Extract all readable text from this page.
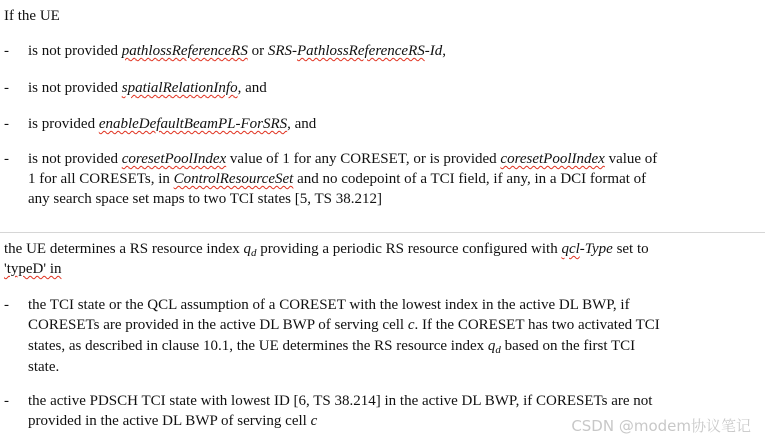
If the UE
- is not provided pathlossReferenceRS or SRS-PathlossReferenceRS-Id,
- is not provided spatialRelationInfo, and
- is provided enableDefaultBeamPL-ForSRS, and
- is not provided coresetPoolIndex value of 1 for any CORESET, or is provided coresetPoolIndex value of
1 for all CORESETs, in ControlResourceSet and no codepoint of a TCI field, if any, in a DCI format of
any search space set maps to two TCI states [5, TS 38.212]
the UE determines a RS resource index $q_d$ providing a periodic RS resource configured with qcl-Type set to
'typeD' in
- the TCI state or the QCL assumption of a CORESET with the lowest index in the active DL BWP, if
CORESETs are provided in the active DL BWP of serving cell c. If the CORESET has two activated TCI
states, as described in clause 10.1, the UE determines the RS resource index $q_d$ based on the first TCI
state.
- the active PDSCH TCI state with lowest ID [6, TS 38.214] in the active DL BWP, if CORESETs are not
provided in the active DL BWP of serving cell c	CSDN @modem协议笔记
